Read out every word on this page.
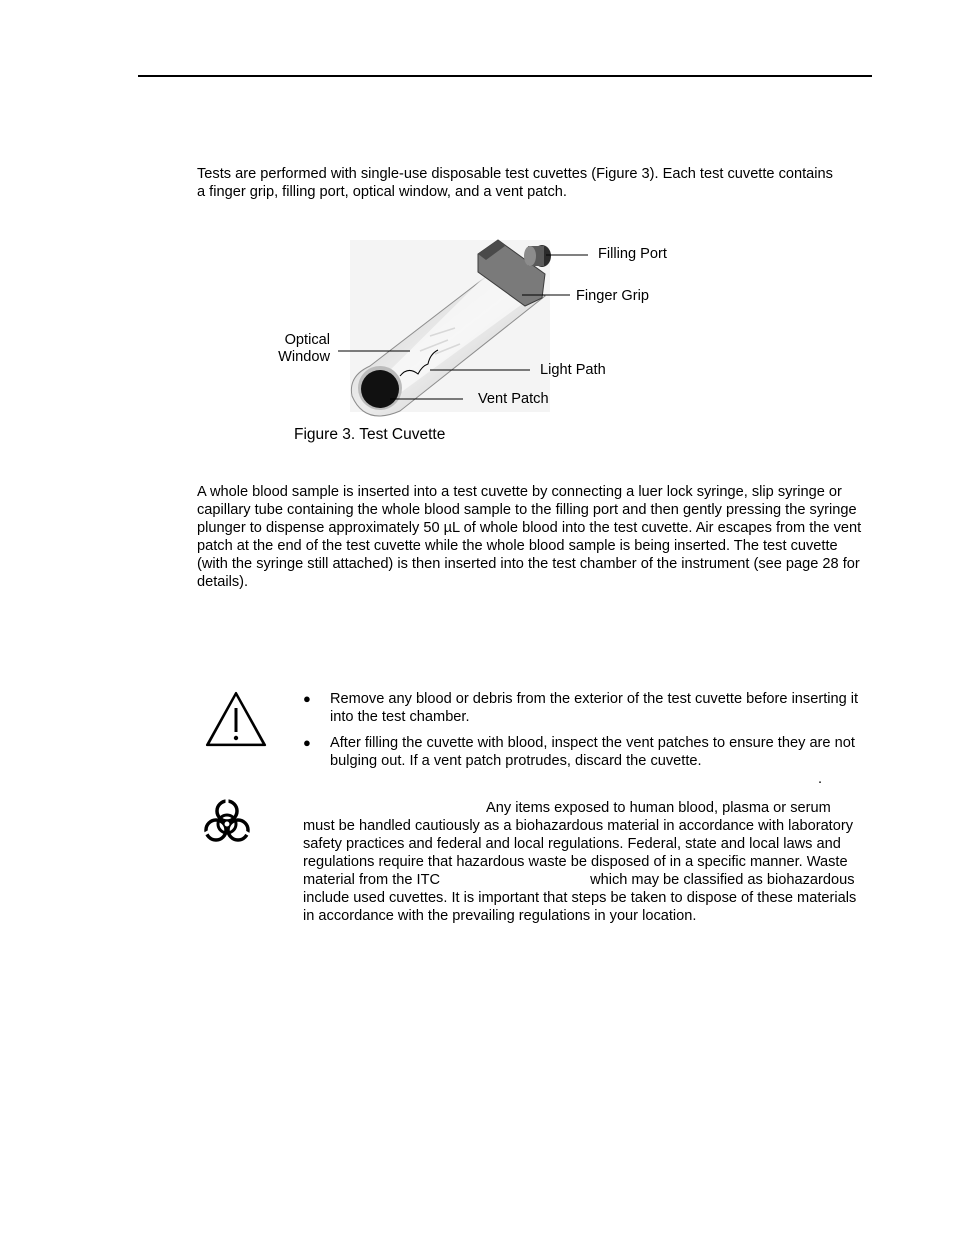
Tests are performed with single-use disposable test cuvettes (Figure 3). Each test cuvette contains a finger grip, filling port, optical window, and a vent patch.

Filling Port
Finger Grip
Optical
Window
Light Path
Vent Patch
Figure 3. Test Cuvette

A whole blood sample is inserted into a test cuvette by connecting a luer lock syringe, slip syringe or capillary tube containing the whole blood sample to the filling port and then gently pressing the syringe plunger to dispense approximately 50 µL of whole blood into the test cuvette. Air escapes from the vent patch at the end of the test cuvette while the whole blood sample is being inserted. The test cuvette (with the syringe still attached) is then inserted into the test chamber of the instrument (see page 28 for details).

● Remove any blood or debris from the exterior of the test cuvette before inserting it into the test chamber.
● After filling the cuvette with blood, inspect the vent patches to ensure they are not bulging out. If a vent patch protrudes, discard the cuvette.
.

Any items exposed to human blood, plasma or serum must be handled cautiously as a biohazardous material in accordance with laboratory safety practices and federal and local regulations. Federal, state and local laws and regulations require that hazardous waste be disposed of in a specific manner. Waste material from the ITC	which may be classified as biohazardous include used cuvettes. It is important that steps be taken to dispose of these materials in accordance with the prevailing regulations in your location.
